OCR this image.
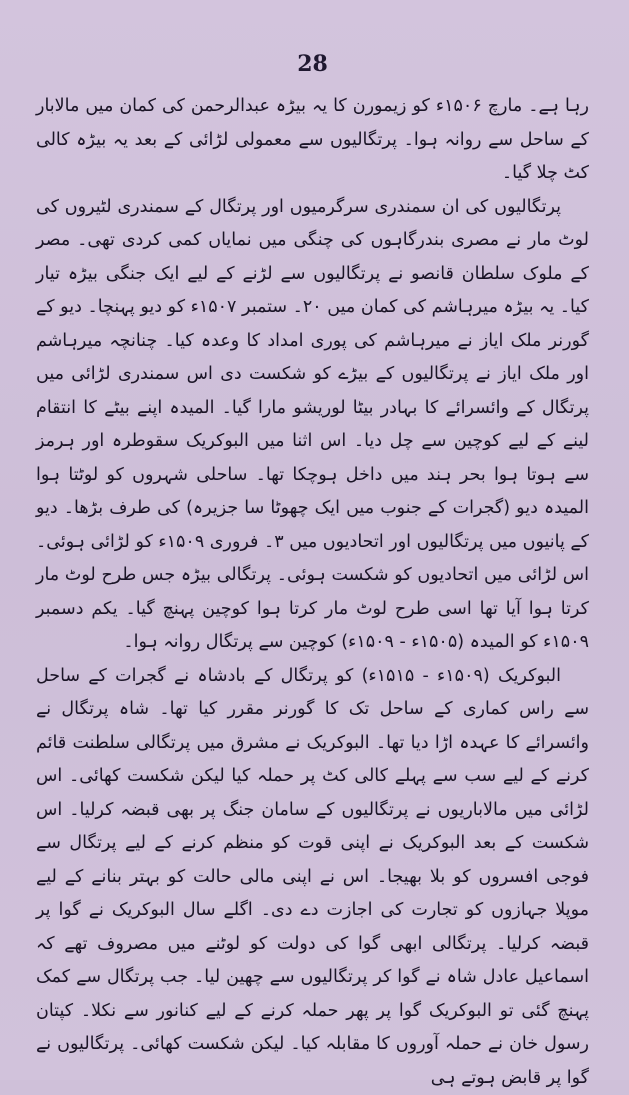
28

رہا ہے۔ مارچ ۱۵۰۶ء کو زیمورن کا یہ بیڑہ عبدالرحمن کی کمان میں مالابار کے ساحل سے روانہ ہوا۔ پرتگالیوں سے معمولی لڑائی کے بعد یہ بیڑہ کالی کٹ چلا گیا۔

پرتگالیوں کی ان سمندری سرگرمیوں اور پرتگال کے سمندری لٹیروں کی لوٹ مار نے مصری بندرگاہوں کی چنگی میں نمایاں کمی کردی تھی۔ مصر کے ملوک سلطان قانصو نے پرتگالیوں سے لڑنے کے لیے ایک جنگی بیڑہ تیار کیا۔ یہ بیڑہ میرہاشم کی کمان میں ۲۰۔ ستمبر ۱۵۰۷ء کو دیو پہنچا۔ دیو کے گورنر ملک ایاز نے میرہاشم کی پوری امداد کا وعدہ کیا۔ چنانچہ میرہاشم اور ملک ایاز نے پرتگالیوں کے بیڑے کو شکست دی اس سمندری لڑائی میں پرتگال کے وائسرائے کا بہادر بیٹا لوریشو مارا گیا۔ المیدہ اپنے بیٹے کا انتقام لینے کے لیے کوچین سے چل دیا۔ اس اثنا میں البوکریک سقوطرہ اور ہرمز سے ہوتا ہوا بحر ہند میں داخل ہوچکا تھا۔ ساحلی شہروں کو لوٹتا ہوا المیدہ دیو (گجرات کے جنوب میں ایک چھوٹا سا جزیرہ) کی طرف بڑھا۔ دیو کے پانیوں میں پرتگالیوں اور اتحادیوں میں ۳۔ فروری ۱۵۰۹ء کو لڑائی ہوئی۔ اس لڑائی میں اتحادیوں کو شکست ہوئی۔ پرتگالی بیڑہ جس طرح لوٹ مار کرتا ہوا آیا تھا اسی طرح لوٹ مار کرتا ہوا کوچین پہنچ گیا۔ یکم دسمبر ۱۵۰۹ء کو المیدہ (۱۵۰۵ء - ۱۵۰۹ء) کوچین سے پرتگال روانہ ہوا۔

البوکریک (۱۵۰۹ء - ۱۵۱۵ء) کو پرتگال کے بادشاہ نے گجرات کے ساحل سے راس کماری کے ساحل تک کا گورنر مقرر کیا تھا۔ شاہ پرتگال نے وائسرائے کا عہدہ اڑا دیا تھا۔ البوکریک نے مشرق میں پرتگالی سلطنت قائم کرنے کے لیے سب سے پہلے کالی کٹ پر حملہ کیا لیکن شکست کھائی۔ اس لڑائی میں مالاباریوں نے پرتگالیوں کے سامان جنگ پر بھی قبضہ کرلیا۔ اس شکست کے بعد البوکریک نے اپنی قوت کو منظم کرنے کے لیے پرتگال سے فوجی افسروں کو بلا بھیجا۔ اس نے اپنی مالی حالت کو بہتر بنانے کے لیے موپلا جہازوں کو تجارت کی اجازت دے دی۔ اگلے سال البوکریک نے گوا پر قبضہ کرلیا۔ پرتگالی ابھی گوا کی دولت کو لوٹنے میں مصروف تھے کہ اسماعیل عادل شاہ نے گوا کر پرتگالیوں سے چھین لیا۔ جب پرتگال سے کمک پہنچ گئی تو البوکریک گوا پر پھر حملہ کرنے کے لیے کنانور سے نکلا۔ کپتان رسول خان نے حملہ آوروں کا مقابلہ کیا۔ لیکن شکست کھائی۔ پرتگالیوں نے گوا پر قابض ہوتے ہی
